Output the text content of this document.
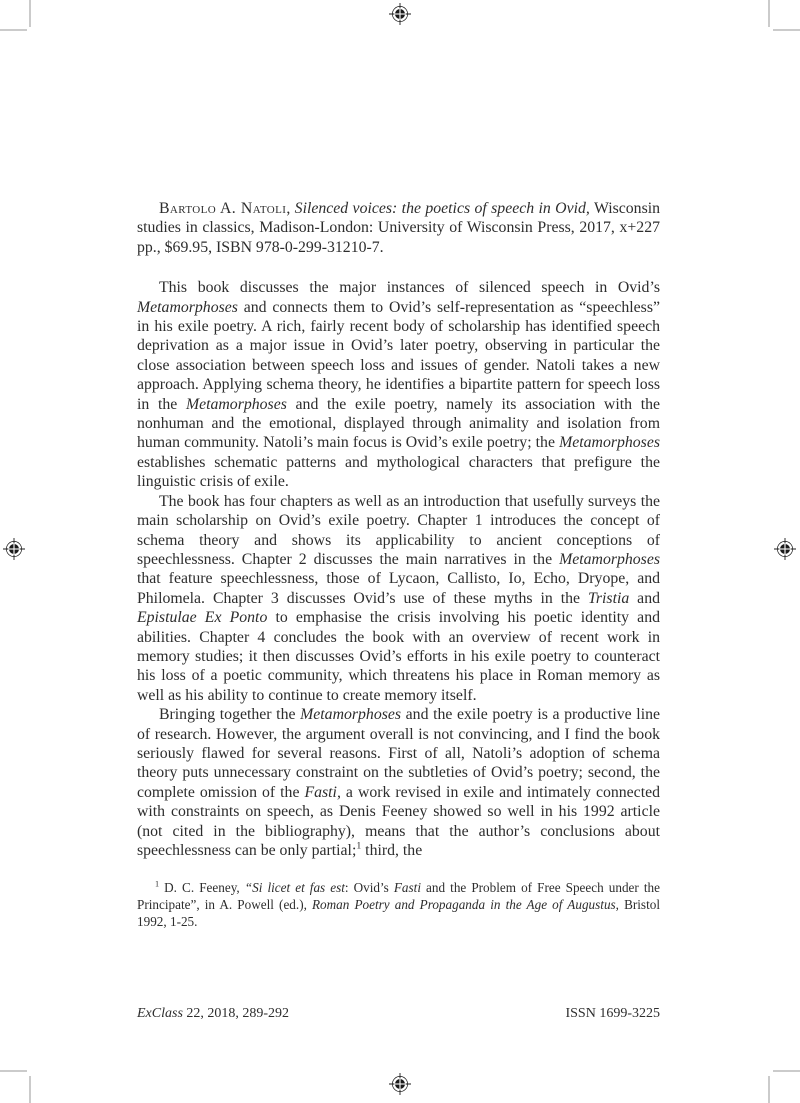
Bartolo A. Natoli, Silenced voices: the poetics of speech in Ovid, Wisconsin studies in classics, Madison-London: University of Wisconsin Press, 2017, x+227 pp., $69.95, ISBN 978-0-299-31210-7.

This book discusses the major instances of silenced speech in Ovid’s Metamorphoses and connects them to Ovid’s self-representation as “speechless” in his exile poetry. A rich, fairly recent body of scholarship has identified speech deprivation as a major issue in Ovid’s later poetry, observing in particular the close association between speech loss and issues of gender. Natoli takes a new approach. Applying schema theory, he identifies a bipartite pattern for speech loss in the Metamorphoses and the exile poetry, namely its association with the nonhuman and the emotional, displayed through animality and isolation from human community. Natoli’s main focus is Ovid’s exile poetry; the Metamorphoses establishes schematic patterns and mythological characters that prefigure the linguistic crisis of exile.

The book has four chapters as well as an introduction that usefully surveys the main scholarship on Ovid’s exile poetry. Chapter 1 introduces the concept of schema theory and shows its applicability to ancient conceptions of speechlessness. Chapter 2 discusses the main narratives in the Metamorphoses that feature speechlessness, those of Lycaon, Callisto, Io, Echo, Dryope, and Philomela. Chapter 3 discusses Ovid’s use of these myths in the Tristia and Epistulae Ex Ponto to emphasise the crisis involving his poetic identity and abilities. Chapter 4 concludes the book with an overview of recent work in memory studies; it then discusses Ovid’s efforts in his exile poetry to counteract his loss of a poetic community, which threatens his place in Roman memory as well as his ability to continue to create memory itself.

Bringing together the Metamorphoses and the exile poetry is a productive line of research. However, the argument overall is not convincing, and I find the book seriously flawed for several reasons. First of all, Natoli’s adoption of schema theory puts unnecessary constraint on the subtleties of Ovid’s poetry; second, the complete omission of the Fasti, a work revised in exile and intimately connected with constraints on speech, as Denis Feeney showed so well in his 1992 article (not cited in the bibliography), means that the author’s conclusions about speechlessness can be only partial;$^1$ third, the

$^1$ D. C. Feeney, “Si licet et fas est: Ovid’s Fasti and the Problem of Free Speech under the Principate”, in A. Powell (ed.), Roman Poetry and Propaganda in the Age of Augustus, Bristol 1992, 1-25.
ExClass 22, 2018, 289-292	ISSN 1699-3225
